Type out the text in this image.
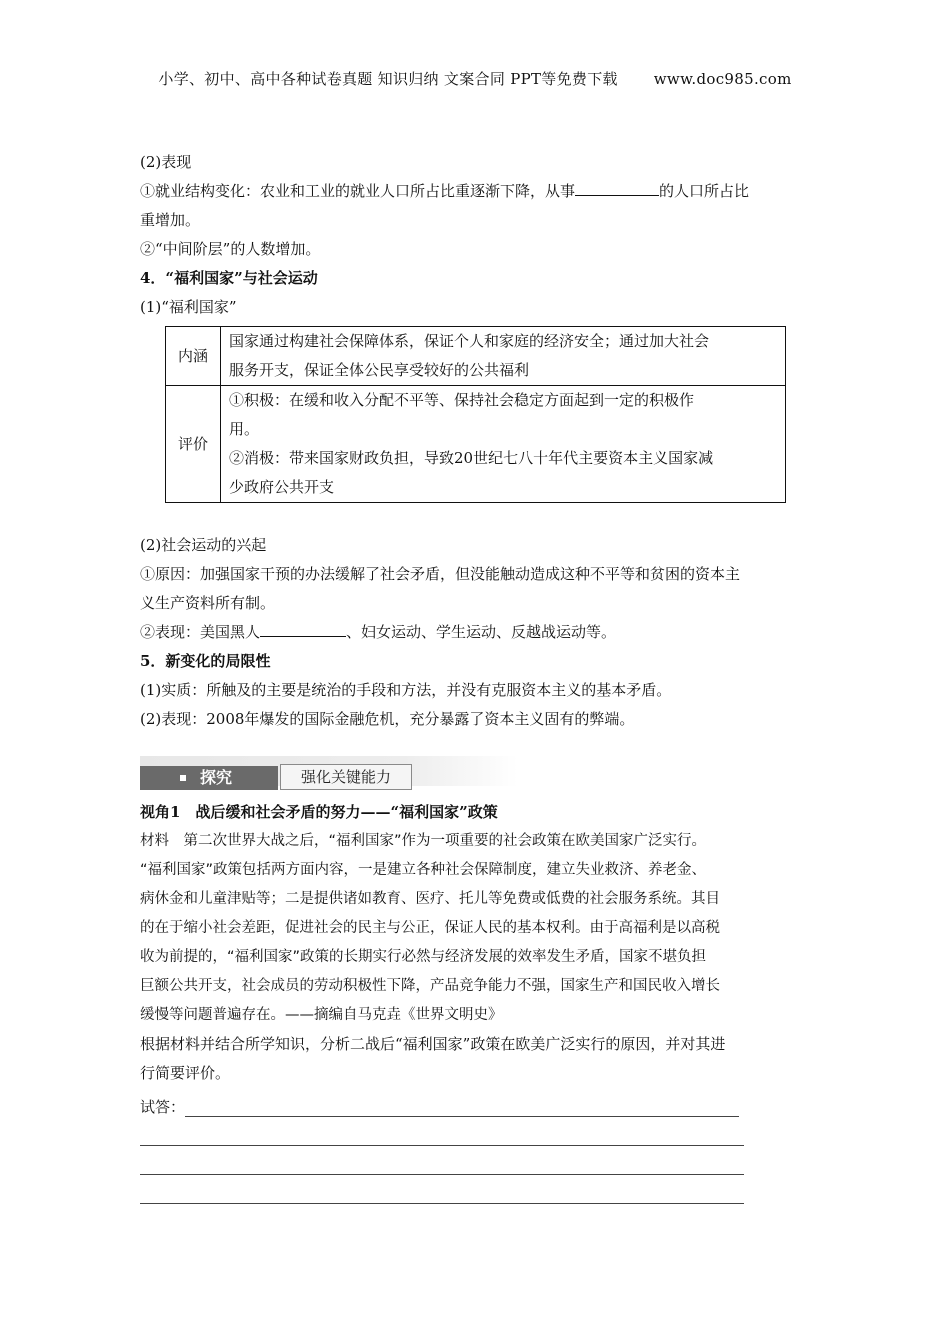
小学、初中、高中各种试卷真题 知识归纳 文案合同 PPT等免费下载 www.doc985.com

(2)表现

①就业结构变化：农业和工业的就业人口所占比重逐渐下降，从事	的人口所占比

重增加。

②“中间阶层”的人数增加。

4．“福利国家”与社会运动

(1)“福利国家”

内涵	国家通过构建社会保障体系，保证个人和家庭的经济安全；通过加大社会
服务开支，保证全体公民享受较好的公共福利

评价	①积极：在缓和收入分配不平等、保持社会稳定方面起到一定的积极作
用。
②消极：带来国家财政负担，导致20世纪七八十年代主要资本主义国家减
少政府公共开支

(2)社会运动的兴起

①原因：加强国家干预的办法缓解了社会矛盾，但没能触动造成这种不平等和贫困的资本主

义生产资料所有制。

②表现：美国黑人	、妇女运动、学生运动、反越战运动等。

5．新变化的局限性

(1)实质：所触及的主要是统治的手段和方法，并没有克服资本主义的基本矛盾。

(2)表现：2008年爆发的国际金融危机，充分暴露了资本主义固有的弊端。

探究	强化关键能力

视角1　战后缓和社会矛盾的努力——“福利国家”政策

材料　第二次世界大战之后，“福利国家”作为一项重要的社会政策在欧美国家广泛实行。

“福利国家”政策包括两方面内容，一是建立各种社会保障制度，建立失业救济、养老金、

病休金和儿童津贴等；二是提供诸如教育、医疗、托儿等免费或低费的社会服务系统。其目

的在于缩小社会差距，促进社会的民主与公正，保证人民的基本权利。由于高福利是以高税

收为前提的，“福利国家”政策的长期实行必然与经济发展的效率发生矛盾，国家不堪负担

巨额公共开支，社会成员的劳动积极性下降，产品竞争能力不强，国家生产和国民收入增长

缓慢等问题普遍存在。——摘编自马克垚《世界文明史》

根据材料并结合所学知识，分析二战后“福利国家”政策在欧美广泛实行的原因，并对其进

行简要评价。

试答：
